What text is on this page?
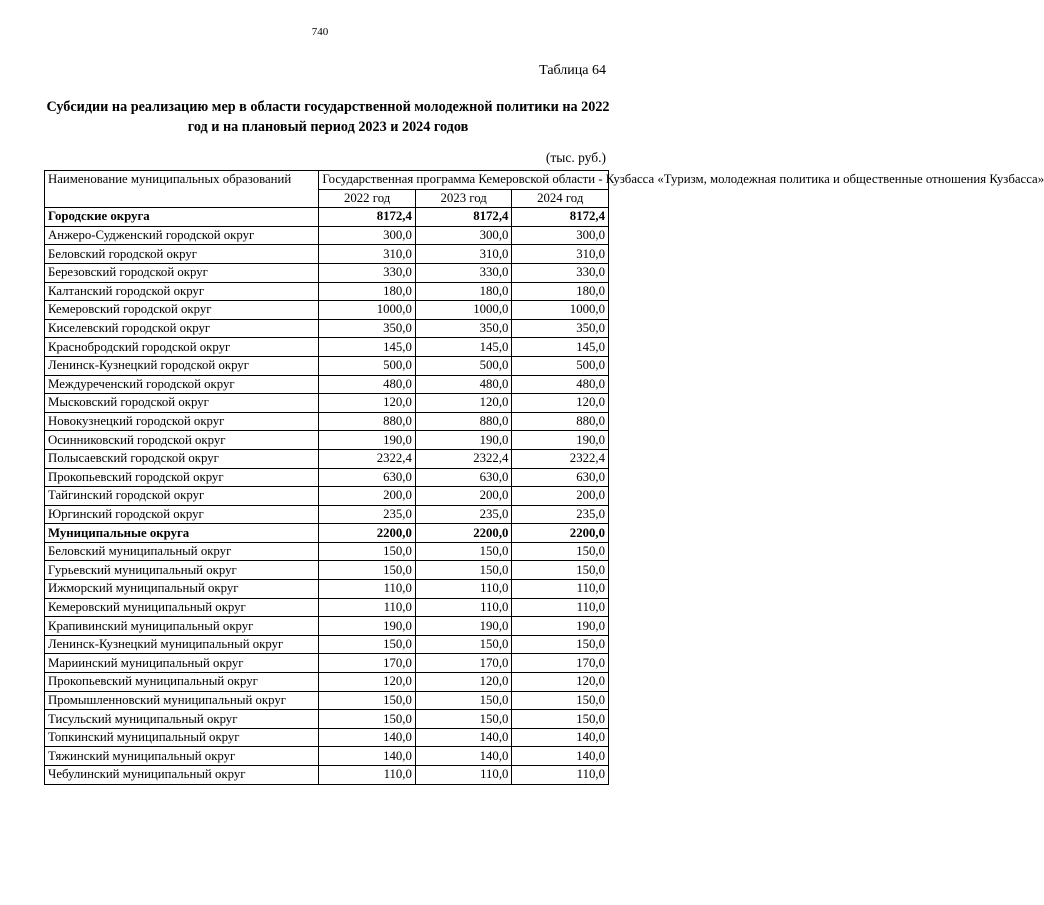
740
Таблица 64
Субсидии на реализацию мер в области государственной молодежной политики на 2022 год и на плановый период 2023 и 2024 годов
(тыс. руб.)
Наименование муниципальных образований	Государственная программа Кемеровской области - Кузбасса «Туризм, молодежная политика и общественные отношения Кузбасса»		
	2022 год	2023 год	2024 год
Городские округа	8172,4	8172,4	8172,4
Анжеро-Судженский городской округ	300,0	300,0	300,0
Беловский городской округ	310,0	310,0	310,0
Березовский городской округ	330,0	330,0	330,0
Калтанский городской округ	180,0	180,0	180,0
Кемеровский городской округ	1000,0	1000,0	1000,0
Киселевский городской округ	350,0	350,0	350,0
Краснобродский городской округ	145,0	145,0	145,0
Ленинск-Кузнецкий городской округ	500,0	500,0	500,0
Междуреченский городской округ	480,0	480,0	480,0
Мысковский городской округ	120,0	120,0	120,0
Новокузнецкий городской округ	880,0	880,0	880,0
Осинниковский городской округ	190,0	190,0	190,0
Полысаевский городской округ	2322,4	2322,4	2322,4
Прокопьевский городской округ	630,0	630,0	630,0
Тайгинский городской округ	200,0	200,0	200,0
Юргинский городской округ	235,0	235,0	235,0
Муниципальные округа	2200,0	2200,0	2200,0
Беловский муниципальный округ	150,0	150,0	150,0
Гурьевский муниципальный округ	150,0	150,0	150,0
Ижморский муниципальный округ	110,0	110,0	110,0
Кемеровский муниципальный округ	110,0	110,0	110,0
Крапивинский муниципальный округ	190,0	190,0	190,0
Ленинск-Кузнецкий муниципальный округ	150,0	150,0	150,0
Мариинский муниципальный округ	170,0	170,0	170,0
Прокопьевский муниципальный округ	120,0	120,0	120,0
Промышленновский муниципальный округ	150,0	150,0	150,0
Тисульский муниципальный округ	150,0	150,0	150,0
Топкинский муниципальный округ	140,0	140,0	140,0
Тяжинский муниципальный округ	140,0	140,0	140,0
Чебулинский муниципальный округ	110,0	110,0	110,0
